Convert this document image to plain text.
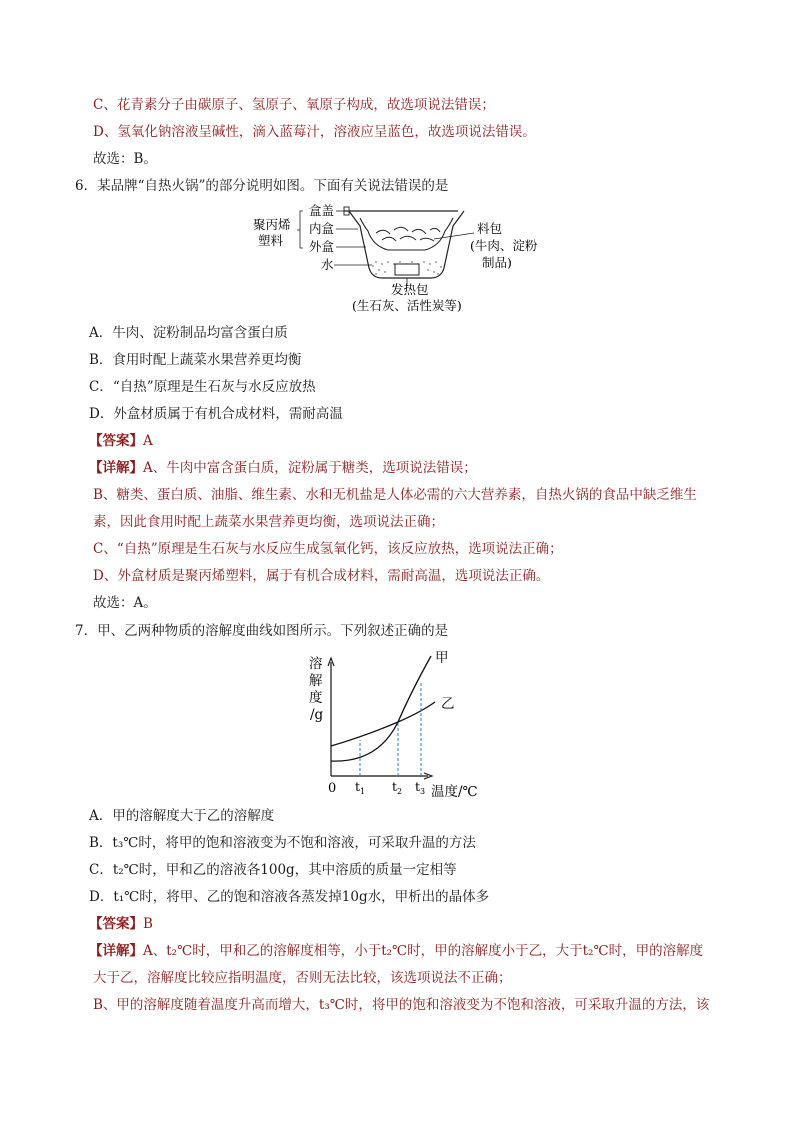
C、花青素分子由碳原子、氢原子、氧原子构成，故选项说法错误；
D、氢氧化钠溶液呈碱性，滴入蓝莓汁，溶液应呈蓝色，故选项说法错误。
故选：B。
6．某品牌“自热火锅”的部分说明如图。下面有关说法错误的是
聚丙烯
塑料
盒盖
内盒
外盒
水
料包
(牛肉、淀粉
制品)
发热包
(生石灰、活性炭等)
A．牛肉、淀粉制品均富含蛋白质
B．食用时配上蔬菜水果营养更均衡
C．“自热”原理是生石灰与水反应放热
D．外盒材质属于有机合成材料，需耐高温
【答案】A
【详解】A、牛肉中富含蛋白质，淀粉属于糖类，选项说法错误；
B、糖类、蛋白质、油脂、维生素、水和无机盐是人体必需的六大营养素，自热火锅的食品中缺乏维生
素，因此食用时配上蔬菜水果营养更均衡，选项说法正确；
C、“自热”原理是生石灰与水反应生成氢氧化钙，该反应放热，选项说法正确；
D、外盒材质是聚丙烯塑料，属于有机合成材料，需耐高温，选项说法正确。
故选：A。
7．甲、乙两种物质的溶解度曲线如图所示。下列叙述正确的是
溶
解
度
/g
甲
乙
0 $t_1$ $t_2$ $t_3$ 温度/℃
A．甲的溶解度大于乙的溶解度
B．t₃℃时，将甲的饱和溶液变为不饱和溶液，可采取升温的方法
C．t₂℃时，甲和乙的溶液各100g，其中溶质的质量一定相等
D．t₁℃时，将甲、乙的饱和溶液各蒸发掉10g水，甲析出的晶体多
【答案】B
【详解】A、t₂℃时，甲和乙的溶解度相等，小于t₂℃时，甲的溶解度小于乙，大于t₂℃时，甲的溶解度
大于乙，溶解度比较应指明温度，否则无法比较，该选项说法不正确；
B、甲的溶解度随着温度升高而增大，t₃℃时，将甲的饱和溶液变为不饱和溶液，可采取升温的方法，该
